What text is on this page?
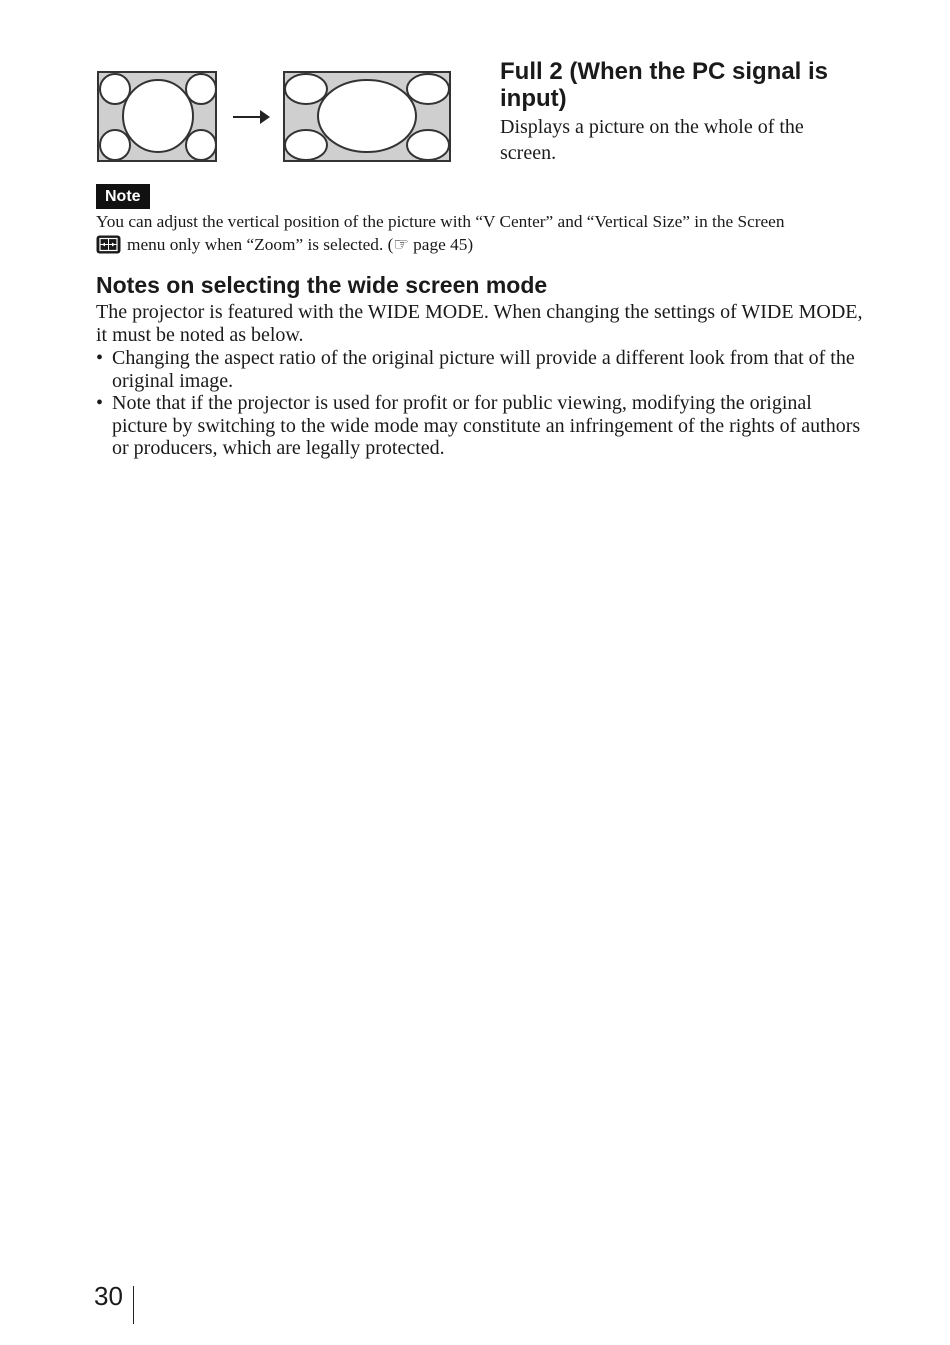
Full 2 (When the PC signal is input)

Displays a picture on the whole of the screen.

Note

You can adjust the vertical position of the picture with “V Center” and “Vertical Size” in the Screen
menu only when “Zoom” is selected. (☞ page 45)

Notes on selecting the wide screen mode

The projector is featured with the WIDE MODE. When changing the settings of WIDE MODE, it must be noted as below.

• Changing the aspect ratio of the original picture will provide a different look from that of the original image.
• Note that if the projector is used for profit or for public viewing, modifying the original picture by switching to the wide mode may constitute an infringement of the rights of authors or producers, which are legally protected.
30
